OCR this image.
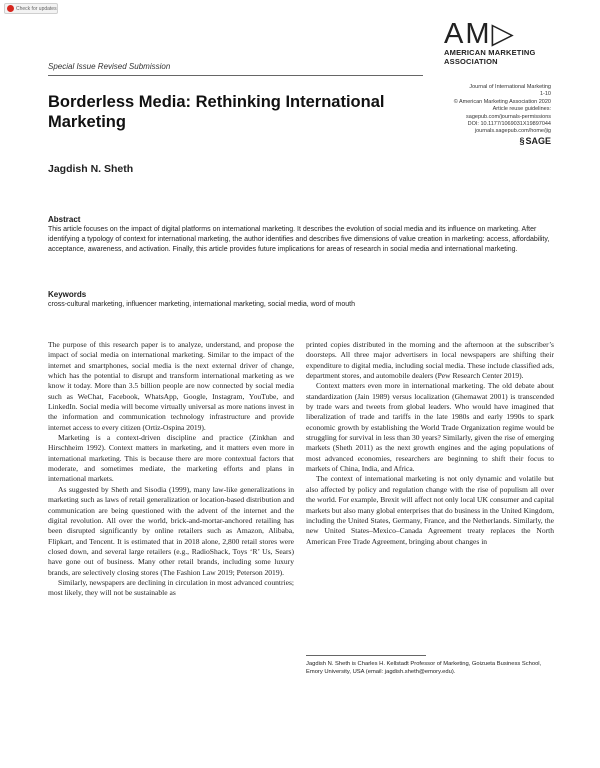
Check for updates
AM▷
AMERICAN MARKETING
ASSOCIATION
Special Issue Revised Submission
Journal of International Marketing
1-10
© American Marketing Association 2020
Article reuse guidelines:
sagepub.com/journals-permissions
DOI: 10.1177/1069031X19897044
journals.sagepub.com/home/jig
§ SAGE
Borderless Media: Rethinking International Marketing
Jagdish N. Sheth
Abstract
This article focuses on the impact of digital platforms on international marketing. It describes the evolution of social media and its influence on marketing. After identifying a typology of context for international marketing, the author identifies and describes five dimensions of value creation in marketing: access, affordability, acceptance, awareness, and activation. Finally, this article provides future implications for areas of research in social media and international marketing.
Keywords
cross-cultural marketing, influencer marketing, international marketing, social media, word of mouth

The purpose of this research paper is to analyze, understand, and propose the impact of social media on international marketing. Similar to the impact of the internet and smartphones, social media is the next external driver of change, which has the potential to disrupt and transform international marketing as we know it today. More than 3.5 billion people are now connected by social media such as WeChat, Facebook, WhatsApp, Google, Instagram, YouTube, and LinkedIn. Social media will become virtually universal as more nations invest in the information and communication technology infrastructure and provide internet access to every citizen (Ortiz-Ospina 2019).

Marketing is a context-driven discipline and practice (Zinkhan and Hirschheim 1992). Context matters in marketing, and it matters even more in international marketing. This is because there are more contextual factors that moderate, and sometimes mediate, the marketing efforts and plans in international markets.

As suggested by Sheth and Sisodia (1999), many law-like generalizations in marketing such as laws of retail generalization or location-based distribution and communication are being questioned with the advent of the internet and the digital revolution. All over the world, brick-and-mortar-anchored retailing has been disrupted significantly by online retailers such as Amazon, Alibaba, Flipkart, and Tencent. It is estimated that in 2018 alone, 2,800 retail stores were closed down, and several large retailers (e.g., RadioShack, Toys ‘R’ Us, Sears) have gone out of business. Many other retail brands, including some luxury brands, are selectively closing stores (The Fashion Law 2019; Peterson 2019).

Similarly, newspapers are declining in circulation in most advanced countries; most likely, they will not be sustainable as

printed copies distributed in the morning and the afternoon at the subscriber’s doorsteps. All three major advertisers in local newspapers are shifting their expenditure to digital media, including social media. These include classified ads, department stores, and automobile dealers (Pew Research Center 2019).

Context matters even more in international marketing. The old debate about standardization (Jain 1989) versus localization (Ghemawat 2001) is transcended by trade wars and tweets from global leaders. Who would have imagined that liberalization of trade and tariffs in the late 1980s and early 1990s to spark economic growth by establishing the World Trade Organization regime would be struggling for survival in less than 30 years? Similarly, given the rise of emerging markets (Sheth 2011) as the next growth engines and the aging populations of most advanced economies, researchers are beginning to shift their focus to markets of China, India, and Africa.

The context of international marketing is not only dynamic and volatile but also affected by policy and regulation change with the rise of populism all over the world. For example, Brexit will affect not only local UK consumer and capital markets but also many global enterprises that do business in the United Kingdom, including the United States, Germany, France, and the Netherlands. Similarly, the new United States–Mexico–Canada Agreement treaty replaces the North American Free Trade Agreement, bringing about changes in

Jagdish N. Sheth is Charles H. Kellstadt Professor of Marketing, Goizueta Business School, Emory University, USA (email: jagdish.sheth@emory.edu).
